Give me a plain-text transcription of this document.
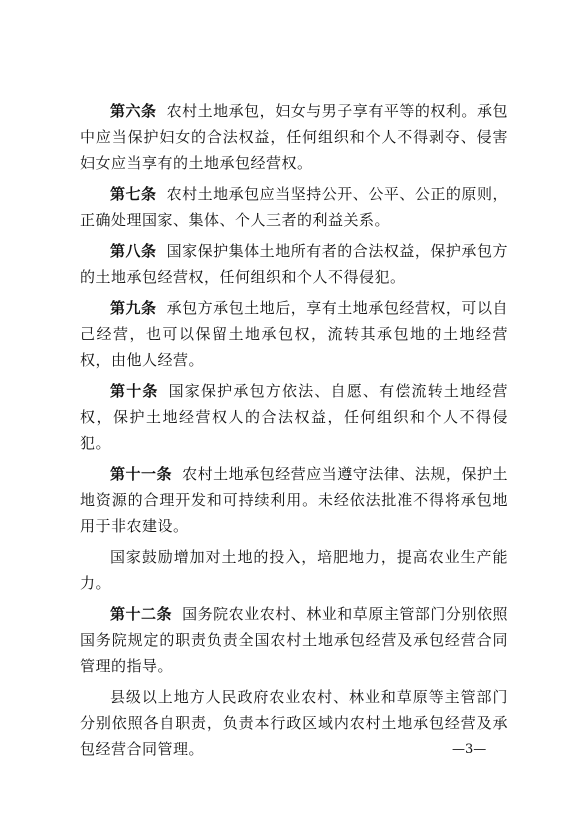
第六条 农村土地承包，妇女与男子享有平等的权利。承包中应当保护妇女的合法权益，任何组织和个人不得剥夺、侵害妇女应当享有的土地承包经营权。

第七条 农村土地承包应当坚持公开、公平、公正的原则，正确处理国家、集体、个人三者的利益关系。

第八条 国家保护集体土地所有者的合法权益，保护承包方的土地承包经营权，任何组织和个人不得侵犯。

第九条 承包方承包土地后，享有土地承包经营权，可以自己经营，也可以保留土地承包权，流转其承包地的土地经营权，由他人经营。

第十条 国家保护承包方依法、自愿、有偿流转土地经营权，保护土地经营权人的合法权益，任何组织和个人不得侵犯。

第十一条 农村土地承包经营应当遵守法律、法规，保护土地资源的合理开发和可持续利用。未经依法批准不得将承包地用于非农建设。

国家鼓励增加对土地的投入，培肥地力，提高农业生产能力。

第十二条 国务院农业农村、林业和草原主管部门分别依照国务院规定的职责负责全国农村土地承包经营及承包经营合同管理的指导。

县级以上地方人民政府农业农村、林业和草原等主管部门分别依照各自职责，负责本行政区域内农村土地承包经营及承包经营合同管理。	—3—
